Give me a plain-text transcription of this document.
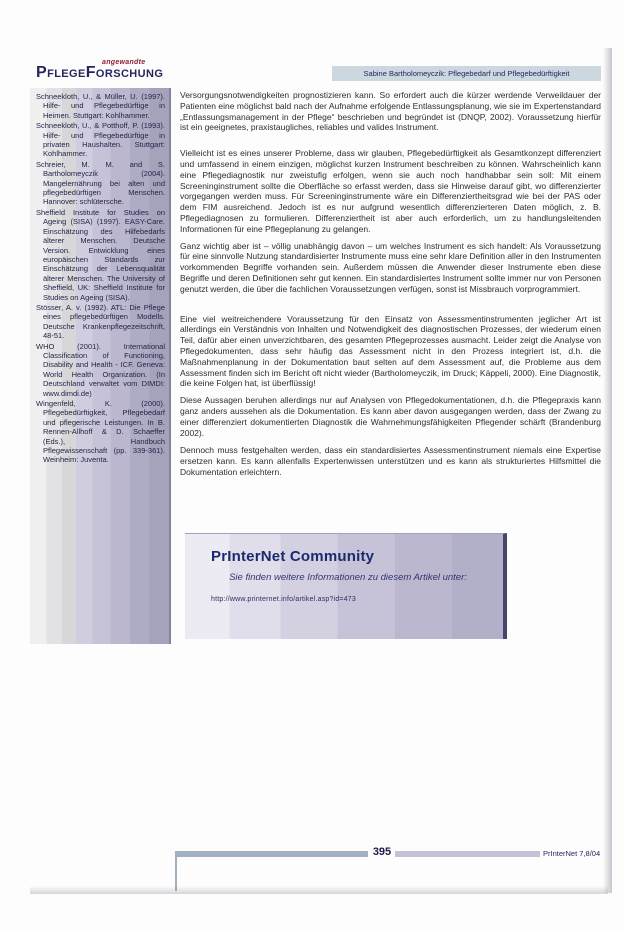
angewandte
PflegeForschung	Sabine Bartholomeyczik: Pflegebedarf und Pflegebedürftigkeit

Schneekloth, U., & Müller, U. (1997). Hilfe- und Pflegebedürftige in Heimen. Stuttgart: Kohlhammer.

Schneekloth, U., & Potthoff, P. (1993). Hilfe- und Pflegebedürftige in privaten Haushalten. Stuttgart: Kohlhammer.

Schreier, M. M. and S. Bartholomeyczik (2004). Mangelernährung bei alten und pflegebedürftigen Menschen. Hannover: schlütersche.

Sheffield Institute for Studies on Ageing (SISA) (1997). EASY-Care. Einschätzung des Hilfebedarfs älterer Menschen. Deutsche Version. Entwicklung eines europäischen Standards zur Einschätzung der Lebensqualität älterer Menschen. The University of Sheffield, UK: Sheffield Institute for Studies on Ageing (SISA).

Stösser, A. v. (1992). ATL: Die Pflege eines pflegebedürftigen Modells. Deutsche Krankenpflegezeitschrift, 48-51.

WHO (2001). International Classification of Functioning, Disability and Health - ICF. Geneva: World Health Organization. (In Deutschland verwaltet vom DIMDI: www.dimdi.de)

Wingenfeld, K. (2000). Pflegebedürftigkeit, Pflegebedarf und pflegerische Leistungen. In B. Rennen-Allhoff & D. Schaeffer (Eds.), Handbuch Pflegewissenschaft (pp. 339-361). Weinheim: Juventa.

Versorgungsnotwendigkeiten prognostizieren kann. So erfordert auch die kürzer werdende Verweildauer der Patienten eine möglichst bald nach der Aufnahme erfolgende Entlassungsplanung, wie sie im Expertenstandard „Entlassungsmanagement in der Pflege“ beschrieben und begründet ist (DNQP, 2002). Voraussetzung hierfür ist ein geeignetes, praxistaugliches, reliables und valides Instrument.

Vielleicht ist es eines unserer Probleme, dass wir glauben, Pflegebedürftigkeit als Gesamtkonzept differenziert und umfassend in einem einzigen, möglichst kurzen Instrument beschreiben zu können. Wahrscheinlich kann eine Pflegediagnostik nur zweistufig erfolgen, wenn sie auch noch handhabbar sein soll: Mit einem Screeninginstrument sollte die Oberfläche so erfasst werden, dass sie Hinweise darauf gibt, wo differenzierter vorgegangen werden muss. Für Screeninginstrumente wäre ein Differenziertheitsgrad wie bei der PAS oder dem FIM ausreichend. Jedoch ist es nur aufgrund wesentlich differenzierteren Daten möglich, z. B. Pflegediagnosen zu formulieren. Differenziertheit ist aber auch erforderlich, um zu handlungsleitenden Informationen für eine Pflegeplanung zu gelangen.

Ganz wichtig aber ist – völlig unabhängig davon – um welches Instrument es sich handelt: Als Voraussetzung für eine sinnvolle Nutzung standardisierter Instrumente muss eine sehr klare Definition aller in den Instrumenten vorkommenden Begriffe vorhanden sein. Außerdem müssen die Anwender dieser Instrumente eben diese Begriffe und deren Definitionen sehr gut kennen. Ein standardisiertes Instrument sollte immer nur von Personen genutzt werden, die über die fachlichen Voraussetzungen verfügen, sonst ist Missbrauch vorprogrammiert.

Eine viel weitreichendere Voraussetzung für den Einsatz von Assessmentinstrumenten jeglicher Art ist allerdings ein Verständnis von Inhalten und Notwendigkeit des diagnostischen Prozesses, der wiederum einen Teil, dafür aber einen unverzichtbaren, des gesamten Pflegeprozesses ausmacht. Leider zeigt die Analyse von Pflegedokumenten, dass sehr häufig das Assessment nicht in den Prozess integriert ist, d.h. die Maßnahmenplanung in der Dokumentation baut selten auf dem Assessment auf, die Probleme aus dem Assessment finden sich im Bericht oft nicht wieder (Bartholomeyczik, im Druck; Käppeli, 2000). Eine Diagnostik, die keine Folgen hat, ist überflüssig!

Diese Aussagen beruhen allerdings nur auf Analysen von Pflegedokumentationen, d.h. die Pflegepraxis kann ganz anders aussehen als die Dokumentation. Es kann aber davon ausgegangen werden, dass der Zwang zu einer differenziert dokumentierten Diagnostik die Wahrnehmungsfähigkeiten Pflegender schärft (Brandenburg 2002).

Dennoch muss festgehalten werden, dass ein standardisiertes Assessmentinstrument niemals eine Expertise ersetzen kann. Es kann allenfalls Expertenwissen unterstützen und es kann als strukturiertes Hilfsmittel die Dokumentation erleichtern.

PrInterNet Community

Sie finden weitere Informationen zu diesem Artikel unter:

http://www.printernet.info/artikel.asp?id=473
395	PrInterNet 7,8/04
